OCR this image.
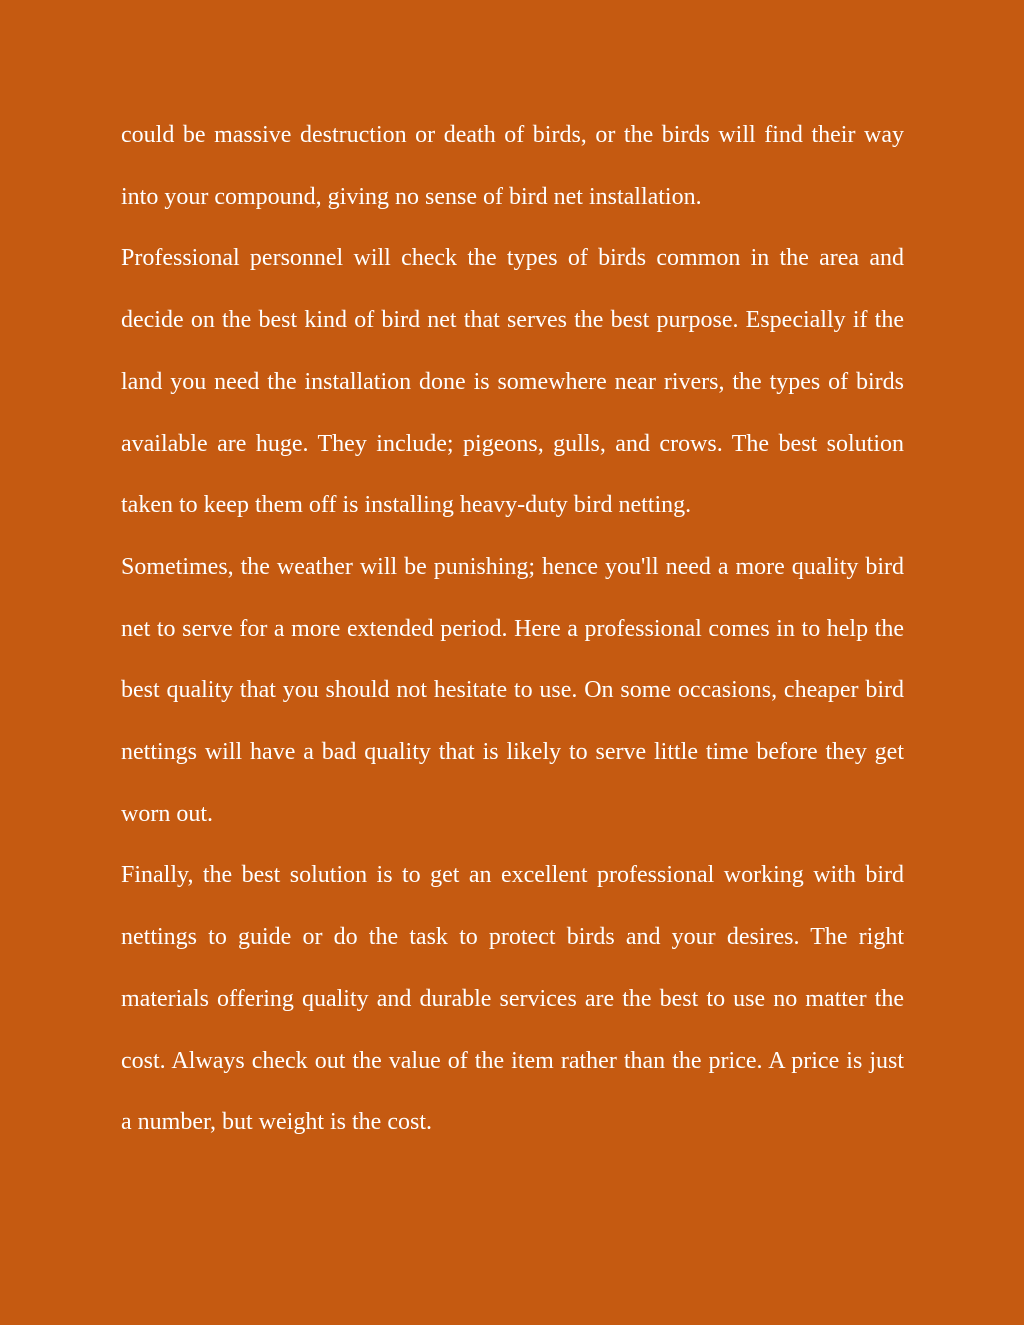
could be massive destruction or death of birds, or the birds will find their way into your compound, giving no sense of bird net installation.

Professional personnel will check the types of birds common in the area and decide on the best kind of bird net that serves the best purpose. Especially if the land you need the installation done is somewhere near rivers, the types of birds available are huge. They include; pigeons, gulls, and crows. The best solution taken to keep them off is installing heavy-duty bird netting.

Sometimes, the weather will be punishing; hence you'll need a more quality bird net to serve for a more extended period. Here a professional comes in to help the best quality that you should not hesitate to use. On some occasions, cheaper bird nettings will have a bad quality that is likely to serve little time before they get worn out.

Finally, the best solution is to get an excellent professional working with bird nettings to guide or do the task to protect birds and your desires. The right materials offering quality and durable services are the best to use no matter the cost. Always check out the value of the item rather than the price. A price is just a number, but weight is the cost.
